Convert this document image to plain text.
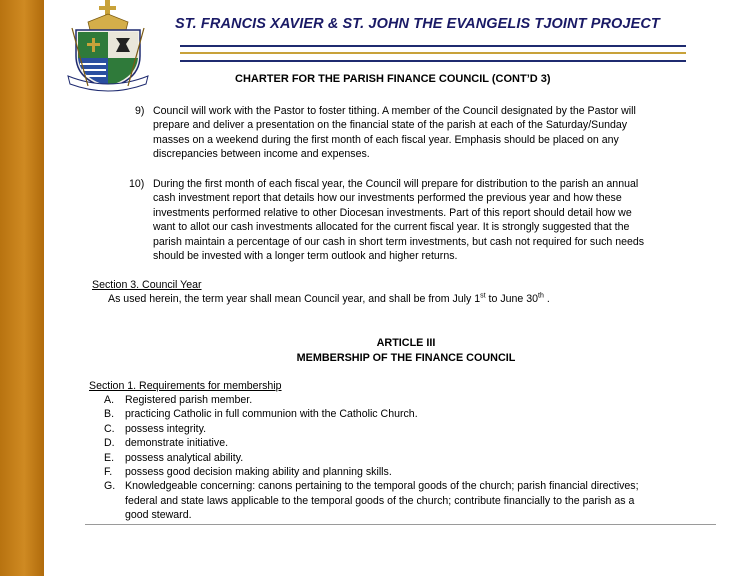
ST. FRANCIS XAVIER & ST. JOHN THE EVANGELIS TJOINT PROJECT
CHARTER FOR THE PARISH FINANCE COUNCIL (CONT’D 3)
9) Council will work with the Pastor to foster tithing. A member of the Council designated by the Pastor will
prepare and deliver a presentation on the financial state of the parish at each of the Saturday/Sunday
masses on a weekend during the first month of each fiscal year. Emphasis should be placed on any
discrepancies between income and expenses.
10) During the first month of each fiscal year, the Council will prepare for distribution to the parish an annual
cash investment report that details how our investments performed the previous year and how these
investments performed relative to other Diocesan investments. Part of this report should detail how we
want to allot our cash investments allocated for the current fiscal year. It is strongly suggested that the
parish maintain a percentage of our cash in short term investments, but cash not required for such needs
should be invested with a longer term outlook and higher returns.
Section 3. Council Year
As used herein, the term year shall mean Council year, and shall be from July 1st to June 30th .
ARTICLE III
MEMBERSHIP OF THE FINANCE COUNCIL
Section 1. Requirements for membership
A. Registered parish member.
B. practicing Catholic in full communion with the Catholic Church.
C. possess integrity.
D. demonstrate initiative.
E. possess analytical ability.
F. possess good decision making ability and planning skills.
G. Knowledgeable concerning: canons pertaining to the temporal goods of the church; parish financial directives;
federal and state laws applicable to the temporal goods of the church; contribute financially to the parish as a
good steward.
